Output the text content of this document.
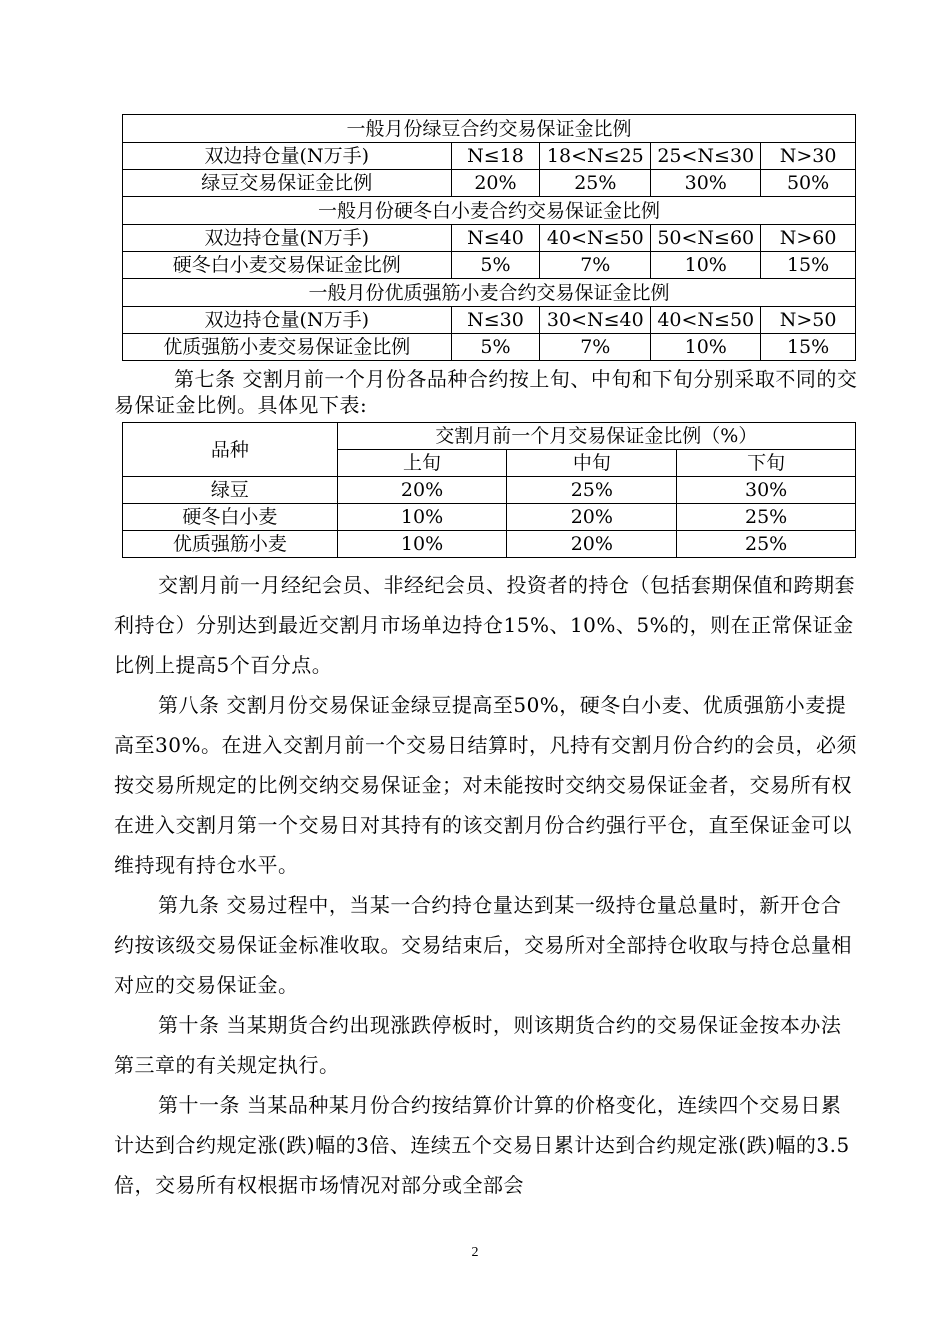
一般月份绿豆合约交易保证金比例				
双边持仓量(N万手)	N≤18	18<N≤25	25<N≤30	N>30
绿豆交易保证金比例	20%	25%	30%	50%
一般月份硬冬白小麦合约交易保证金比例				
双边持仓量(N万手)	N≤40	40<N≤50	50<N≤60	N>60
硬冬白小麦交易保证金比例	5%	7%	10%	15%
一般月份优质强筋小麦合约交易保证金比例				
双边持仓量(N万手)	N≤30	30<N≤40	40<N≤50	N>50
优质强筋小麦交易保证金比例	5%	7%	10%	15%

第七条 交割月前一个月份各品种合约按上旬、中旬和下旬分别采取不同的交易保证金比例。具体见下表:

品种	交割月前一个月交易保证金比例（%）		
	上旬	中旬	下旬
绿豆	20%	25%	30%
硬冬白小麦	10%	20%	25%
优质强筋小麦	10%	20%	25%

交割月前一月经纪会员、非经纪会员、投资者的持仓（包括套期保值和跨期套利持仓）分别达到最近交割月市场单边持仓15%、10%、5%的，则在正常保证金比例上提高5个百分点。

第八条 交割月份交易保证金绿豆提高至50%，硬冬白小麦、优质强筋小麦提高至30%。在进入交割月前一个交易日结算时，凡持有交割月份合约的会员，必须按交易所规定的比例交纳交易保证金；对未能按时交纳交易保证金者，交易所有权在进入交割月第一个交易日对其持有的该交割月份合约强行平仓，直至保证金可以维持现有持仓水平。

第九条 交易过程中，当某一合约持仓量达到某一级持仓量总量时，新开仓合约按该级交易保证金标准收取。交易结束后，交易所对全部持仓收取与持仓总量相对应的交易保证金。

第十条 当某期货合约出现涨跌停板时，则该期货合约的交易保证金按本办法第三章的有关规定执行。

第十一条 当某品种某月份合约按结算价计算的价格变化，连续四个交易日累计达到合约规定涨(跌)幅的3倍、连续五个交易日累计达到合约规定涨(跌)幅的3.5倍，交易所有权根据市场情况对部分或全部会

2
